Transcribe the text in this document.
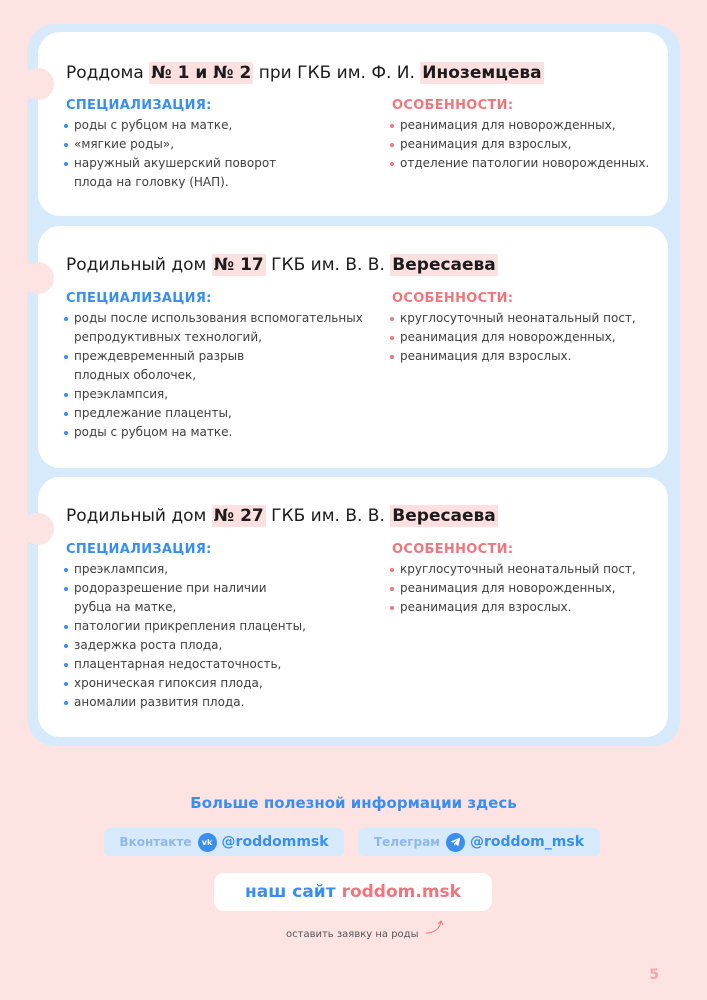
Роддома № 1 и № 2 при ГКБ им. Ф. И. Иноземцева
СПЕЦИАЛИЗАЦИЯ:	ОСОБЕННОСТИ:
роды с рубцом на матке,
«мягкие роды»,
наружный акушерский поворот
плода на головку (НАП).
реанимация для новорожденных,
реанимация для взрослых,
отделение патологии новорожденных.
Родильный дом № 17 ГКБ им. В. В. Вересаева
СПЕЦИАЛИЗАЦИЯ:	ОСОБЕННОСТИ:
роды после использования вспомогательных
репродуктивных технологий,
преждевременный разрыв
плодных оболочек,
преэклампсия,
предлежание плаценты,
роды с рубцом на матке.
круглосуточный неонатальный пост,
реанимация для новорожденных,
реанимация для взрослых.
Родильный дом № 27 ГКБ им. В. В. Вересаева
СПЕЦИАЛИЗАЦИЯ:	ОСОБЕННОСТИ:
преэклампсия,
родоразрешение при наличии
рубца на матке,
патологии прикрепления плаценты,
задержка роста плода,
плацентарная недостаточность,
хроническая гипоксия плода,
аномалии развития плода.
круглосуточный неонатальный пост,
реанимация для новорожденных,
реанимация для взрослых.
Больше полезной информации здесь
Вконтакте	vk @roddommsk	Телеграм @roddom_msk
наш сайт roddom.msk
оставить заявку на роды
5
